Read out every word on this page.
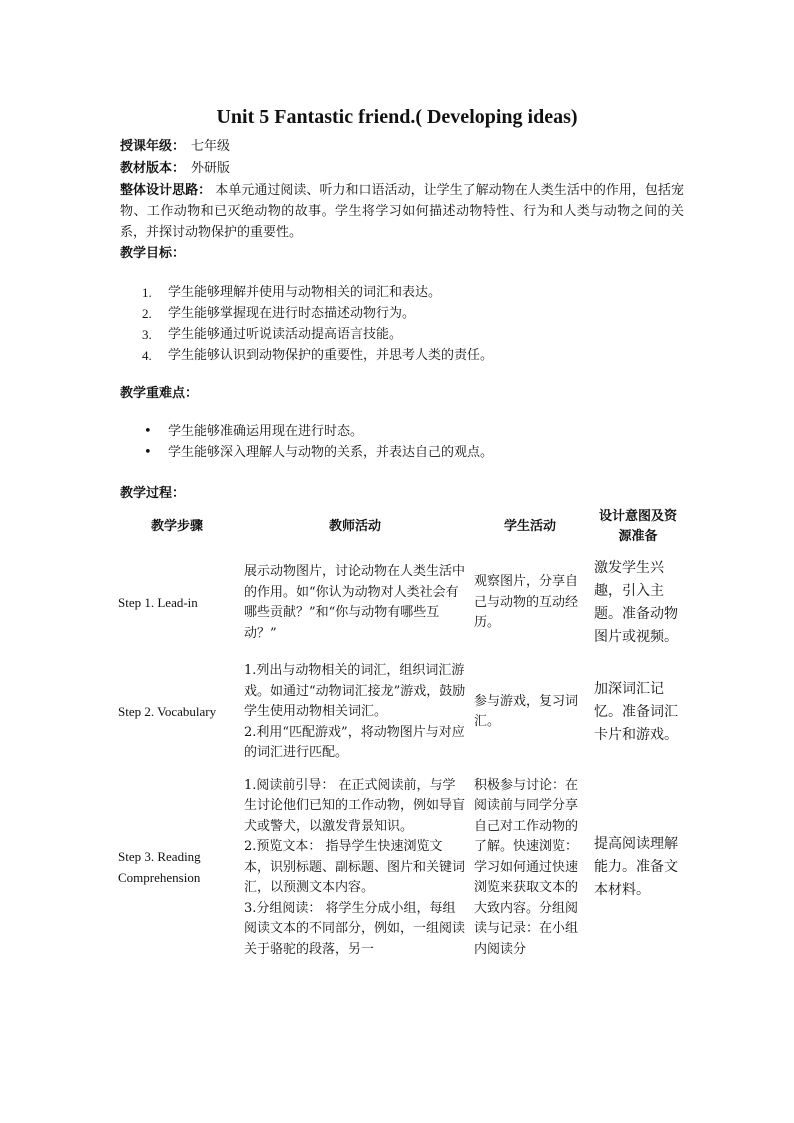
Unit 5 Fantastic friend.( Developing ideas)
授课年级： 七年级
教材版本： 外研版
整体设计思路： 本单元通过阅读、听力和口语活动，让学生了解动物在人类生活中的作用，包括宠物、工作动物和已灭绝动物的故事。学生将学习如何描述动物特性、行为和人类与动物之间的关系，并探讨动物保护的重要性。
教学目标：
1. 学生能够理解并使用与动物相关的词汇和表达。
2. 学生能够掌握现在进行时态描述动物行为。
3. 学生能够通过听说读活动提高语言技能。
4. 学生能够认识到动物保护的重要性，并思考人类的责任。
教学重难点：
• 学生能够准确运用现在进行时态。
• 学生能够深入理解人与动物的关系，并表达自己的观点。
教学过程：
教学步骤	教师活动	学生活动	设计意图及资源准备
Step 1. Lead-in	展示动物图片，讨论动物在人类生活中的作用。如“你认为动物对人类社会有哪些贡献？”和“你与动物有哪些互动？”	观察图片，分享自己与动物的互动经历。	激发学生兴趣，引入主题。准备动物图片或视频。
Step 2. Vocabulary	1.列出与动物相关的词汇，组织词汇游戏。如通过“动物词汇接龙”游戏，鼓励学生使用动物相关词汇。

2.利用“匹配游戏”，将动物图片与对应的词汇进行匹配。	参与游戏，复习词汇。	加深词汇记忆。准备词汇卡片和游戏。
Step 3. Reading Comprehension	1.阅读前引导： 在正式阅读前，与学生讨论他们已知的工作动物，例如导盲犬或警犬，以激发背景知识。

2.预览文本： 指导学生快速浏览文本，识别标题、副标题、图片和关键词汇，以预测文本内容。

3.分组阅读： 将学生分成小组，每组阅读文本的不同部分，例如，一组阅读关于骆驼的段落，另一	积极参与讨论：在阅读前与同学分享自己对工作动物的了解。快速浏览：学习如何通过快速浏览来获取文本的大致内容。分组阅读与记录：在小组内阅读分	提高阅读理解能力。准备文本材料。
